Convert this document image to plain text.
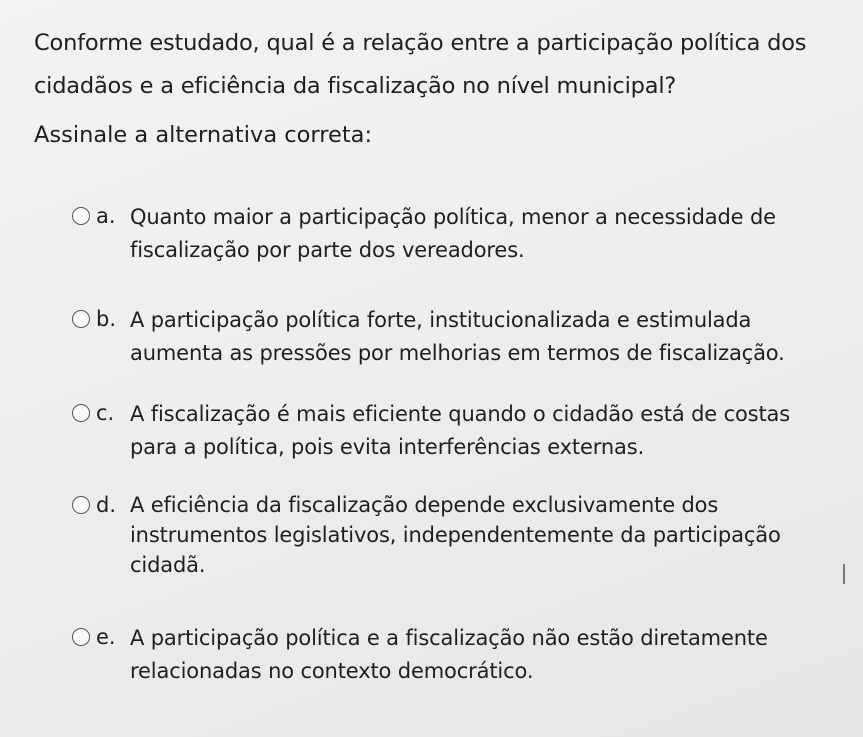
Conforme estudado, qual é a relação entre a participação política dos cidadãos e a eficiência da fiscalização no nível municipal?

Assinale a alternativa correta:

a. Quanto maior a participação política, menor a necessidade de fiscalização por parte dos vereadores.
b. A participação política forte, institucionalizada e estimulada aumenta as pressões por melhorias em termos de fiscalização.
c. A fiscalização é mais eficiente quando o cidadão está de costas para a política, pois evita interferências externas.
d. A eficiência da fiscalização depende exclusivamente dos instrumentos legislativos, independentemente da participação cidadã.
e. A participação política e a fiscalização não estão diretamente relacionadas no contexto democrático.
